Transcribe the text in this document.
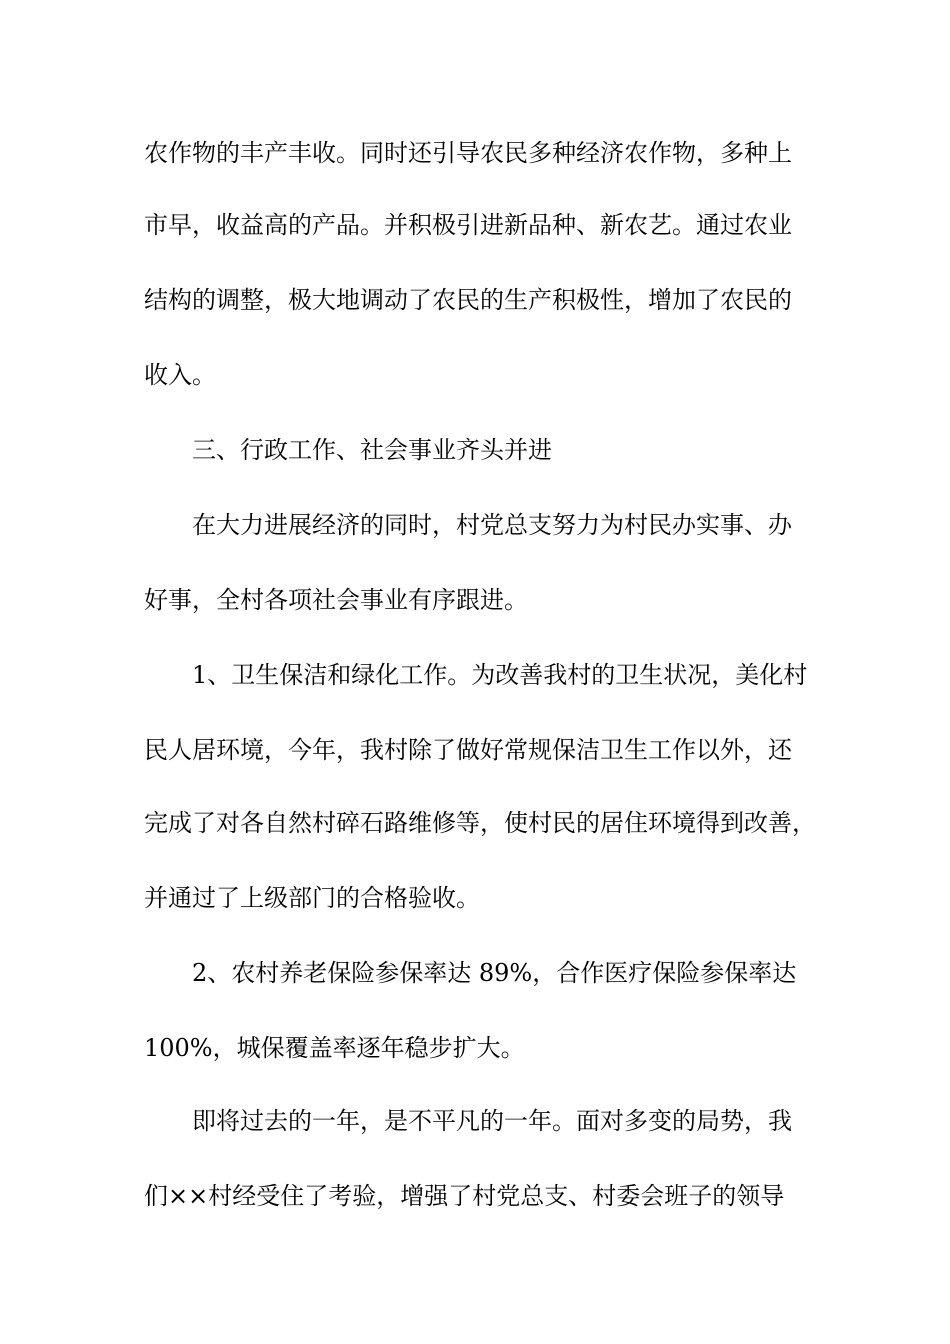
农作物的丰产丰收。同时还引导农民多种经济农作物，多种上
市早，收益高的产品。并积极引进新品种、新农艺。通过农业
结构的调整，极大地调动了农民的生产积极性，增加了农民的
收入。
三、行政工作、社会事业齐头并进
在大力进展经济的同时，村党总支努力为村民办实事、办
好事，全村各项社会事业有序跟进。
1、卫生保洁和绿化工作。为改善我村的卫生状况，美化村
民人居环境，今年，我村除了做好常规保洁卫生工作以外，还
完成了对各自然村碎石路维修等，使村民的居住环境得到改善，
并通过了上级部门的合格验收。
2、农村养老保险参保率达 89%，合作医疗保险参保率达
100%，城保覆盖率逐年稳步扩大。
即将过去的一年，是不平凡的一年。面对多变的局势，我
们××村经受住了考验，增强了村党总支、村委会班子的领导
